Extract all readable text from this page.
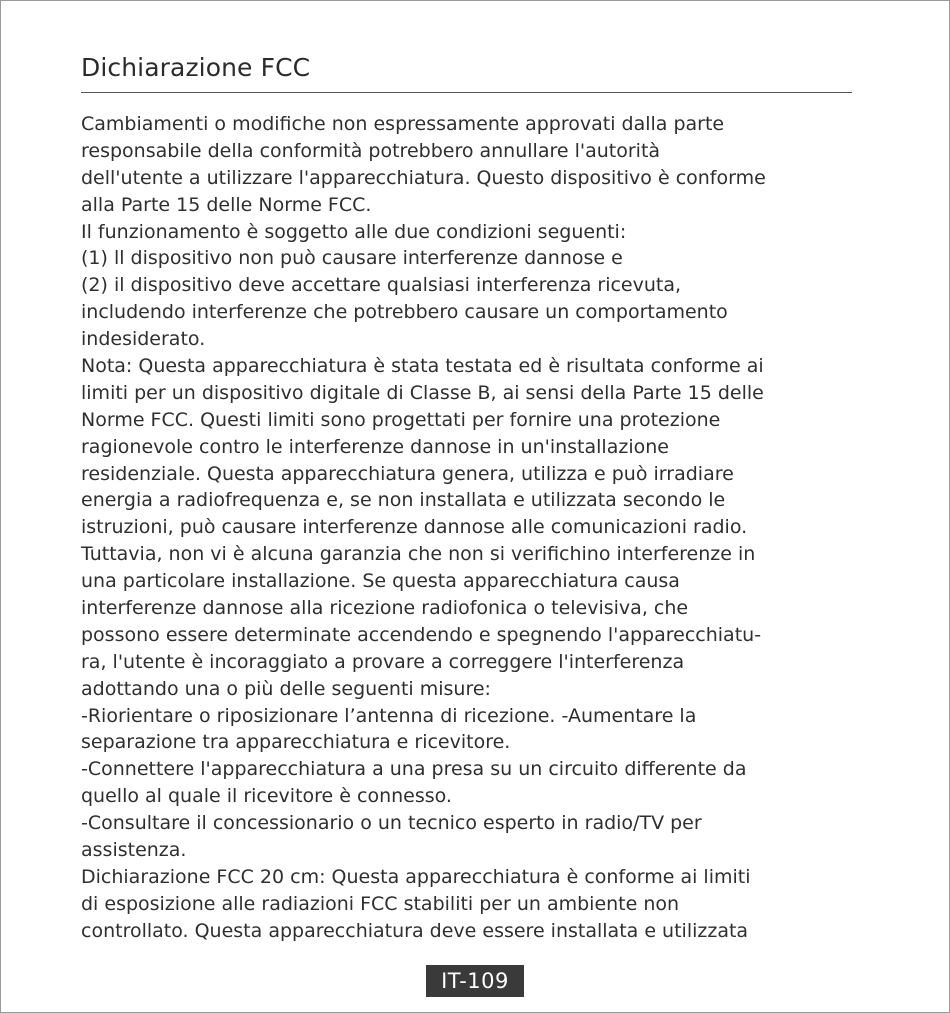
Dichiarazione FCC
Cambiamenti o modifiche non espressamente approvati dalla parte
responsabile della conformità potrebbero annullare l'autorità
dell'utente a utilizzare l'apparecchiatura. Questo dispositivo è conforme
alla Parte 15 delle Norme FCC.
Il funzionamento è soggetto alle due condizioni seguenti:
(1) ll dispositivo non può causare interferenze dannose e
(2) il dispositivo deve accettare qualsiasi interferenza ricevuta,
includendo interferenze che potrebbero causare un comportamento
indesiderato.
Nota: Questa apparecchiatura è stata testata ed è risultata conforme ai
limiti per un dispositivo digitale di Classe B, ai sensi della Parte 15 delle
Norme FCC. Questi limiti sono progettati per fornire una protezione
ragionevole contro le interferenze dannose in un'installazione
residenziale. Questa apparecchiatura genera, utilizza e può irradiare
energia a radiofrequenza e, se non installata e utilizzata secondo le
istruzioni, può causare interferenze dannose alle comunicazioni radio.
Tuttavia, non vi è alcuna garanzia che non si verifichino interferenze in
una particolare installazione. Se questa apparecchiatura causa
interferenze dannose alla ricezione radiofonica o televisiva, che
possono essere determinate accendendo e spegnendo l'apparecchiatu-
ra, l'utente è incoraggiato a provare a correggere l'interferenza
adottando una o più delle seguenti misure:
-Riorientare o riposizionare l’antenna di ricezione. -Aumentare la
separazione tra apparecchiatura e ricevitore.
-Connettere l'apparecchiatura a una presa su un circuito differente da
quello al quale il ricevitore è connesso.
-Consultare il concessionario o un tecnico esperto in radio/TV per
assistenza.
Dichiarazione FCC 20 cm: Questa apparecchiatura è conforme ai limiti
di esposizione alle radiazioni FCC stabiliti per un ambiente non
controllato. Questa apparecchiatura deve essere installata e utilizzata
IT-109
